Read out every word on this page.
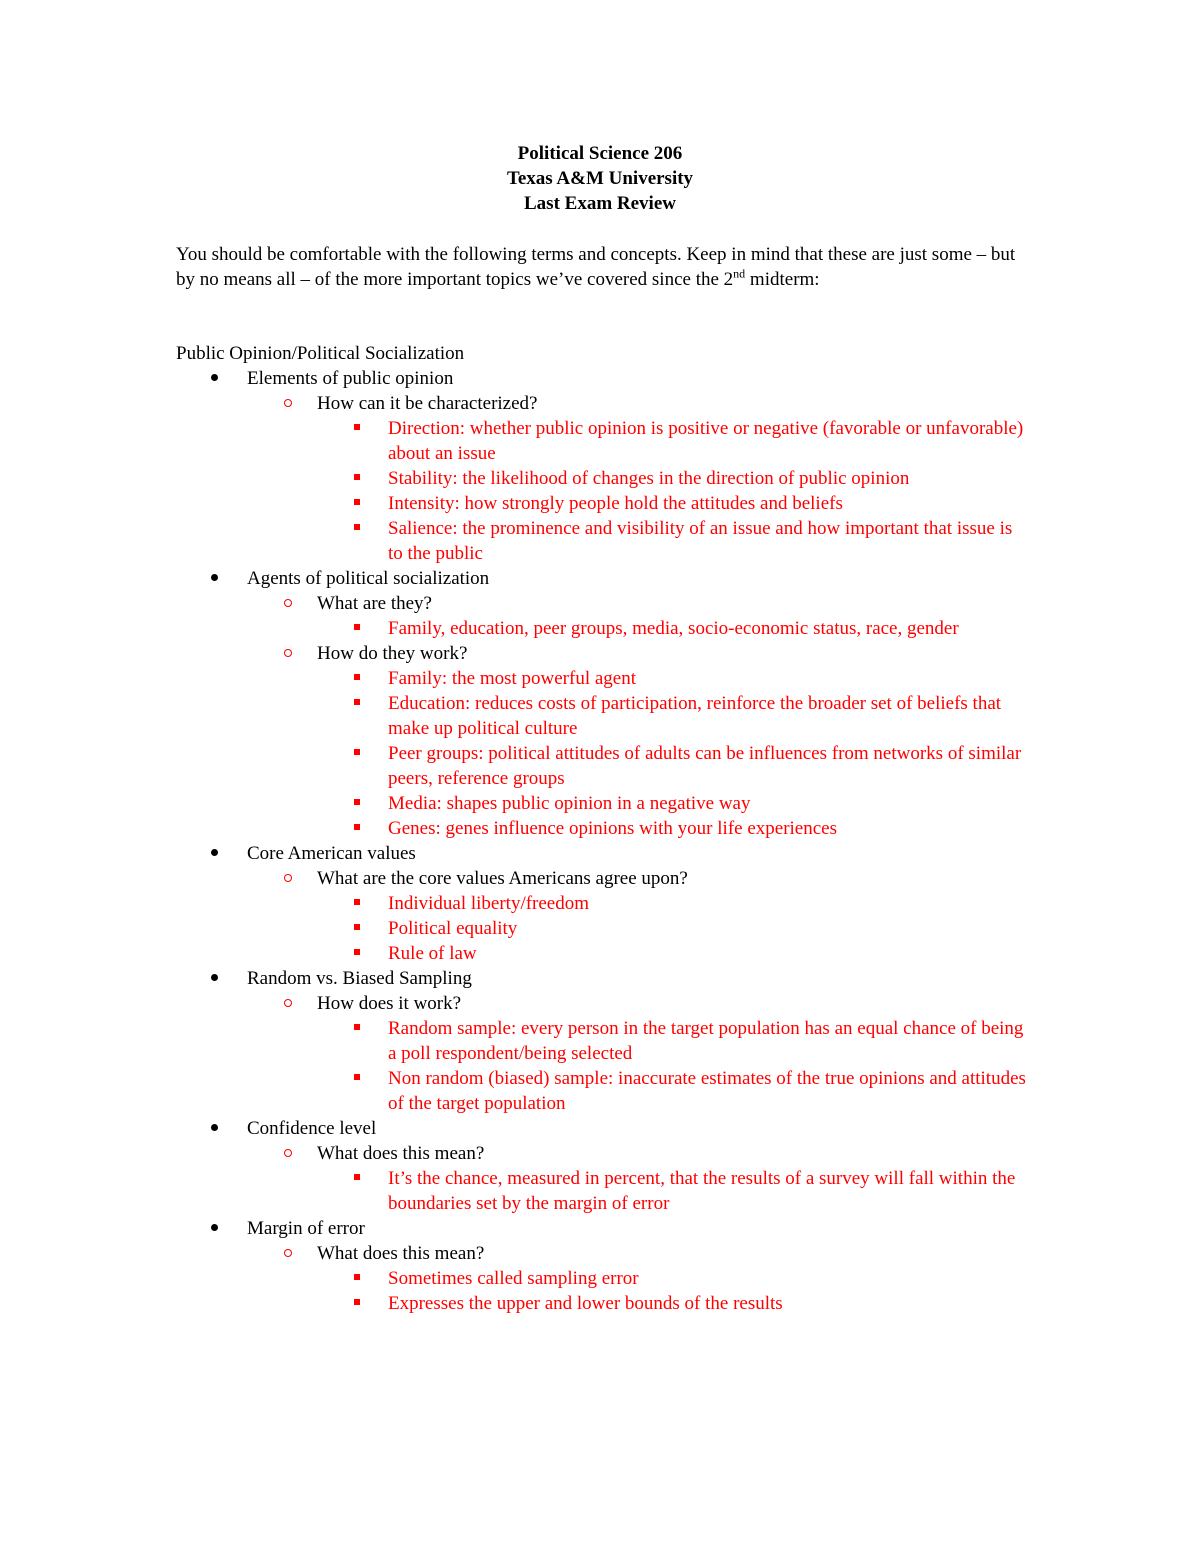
Political Science 206
Texas A&M University
Last Exam Review
You should be comfortable with the following terms and concepts. Keep in mind that these are just some – but by no means all – of the more important topics we’ve covered since the 2nd midterm:
Public Opinion/Political Socialization
Elements of public opinion
How can it be characterized?
Direction: whether public opinion is positive or negative (favorable or unfavorable) about an issue
Stability: the likelihood of changes in the direction of public opinion
Intensity: how strongly people hold the attitudes and beliefs
Salience: the prominence and visibility of an issue and how important that issue is to the public
Agents of political socialization
What are they?
Family, education, peer groups, media, socio-economic status, race, gender
How do they work?
Family: the most powerful agent
Education: reduces costs of participation, reinforce the broader set of beliefs that make up political culture
Peer groups: political attitudes of adults can be influences from networks of similar peers, reference groups
Media: shapes public opinion in a negative way
Genes: genes influence opinions with your life experiences
Core American values
What are the core values Americans agree upon?
Individual liberty/freedom
Political equality
Rule of law
Random vs. Biased Sampling
How does it work?
Random sample: every person in the target population has an equal chance of being a poll respondent/being selected
Non random (biased) sample: inaccurate estimates of the true opinions and attitudes of the target population
Confidence level
What does this mean?
It’s the chance, measured in percent, that the results of a survey will fall within the boundaries set by the margin of error
Margin of error
What does this mean?
Sometimes called sampling error
Expresses the upper and lower bounds of the results
